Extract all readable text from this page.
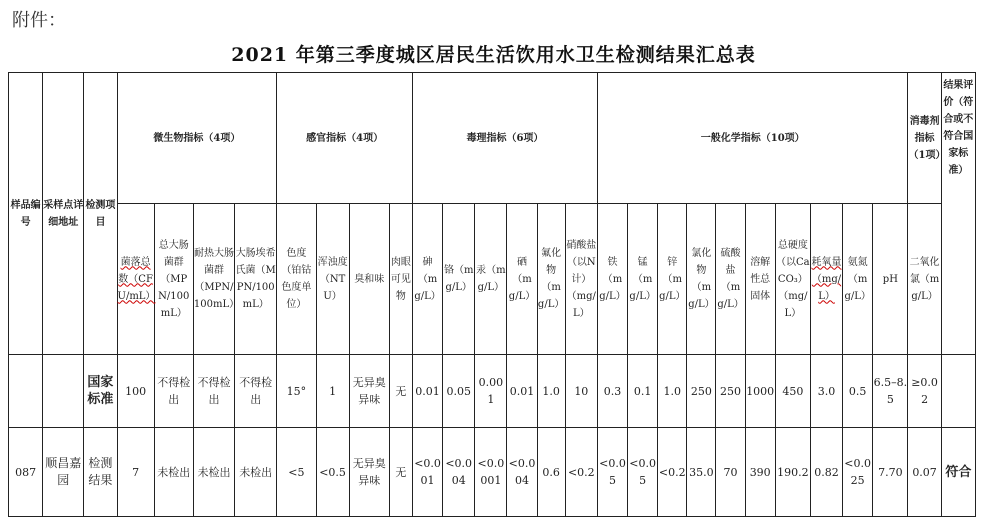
附件：
2021 年第三季度城区居民生活饮用水卫生检测结果汇总表
样品编号	采样点详细地址	检测项目	微生物指标（4项）				感官指标（4项）				毒理指标（6项）						一般化学指标（10项）										消毒剂指标（1项）	结果评价（符合或不符合国家标准）
			菌落总数（CFU/mL）	总大肠菌群（MPN/100mL）	耐热大肠菌群（MPN/100mL）	大肠埃希氏菌（MPN/100mL）	色度（铂钴色度单位）	浑浊度（NTU）	臭和味	肉眼可见物	砷（mg/L）	铬（mg/L）	汞（mg/L）	硒（mg/L）	氟化物（mg/L）	硝酸盐（以N计）（mg/L）	铁（mg/L）	锰（mg/L）	锌（mg/L）	氯化物（mg/L）	硫酸盐（mg/L）	溶解性总固体	总硬度（以CaCO₃）（mg/L）	耗氧量（mg/L）	氨氮（mg/L）	pH	二氧化氯（mg/L）	
		国家标准	100	不得检出	不得检出	不得检出	15°	1	无异臭异味	无	0.01	0.05	0.001	0.01	1.0	10	0.3	0.1	1.0	250	250	1000	450	3.0	0.5	6.5–8.5	≥0.02	
087	顺昌嘉园	检测结果	7	未检出	未检出	未检出	<5	<0.5	无异臭异味	无	<0.001	<0.004	<0.0001	<0.004	0.6	<0.2	<0.05	<0.05	<0.2	35.0	70	390	190.2	0.82	<0.025	7.70	0.07	符合
